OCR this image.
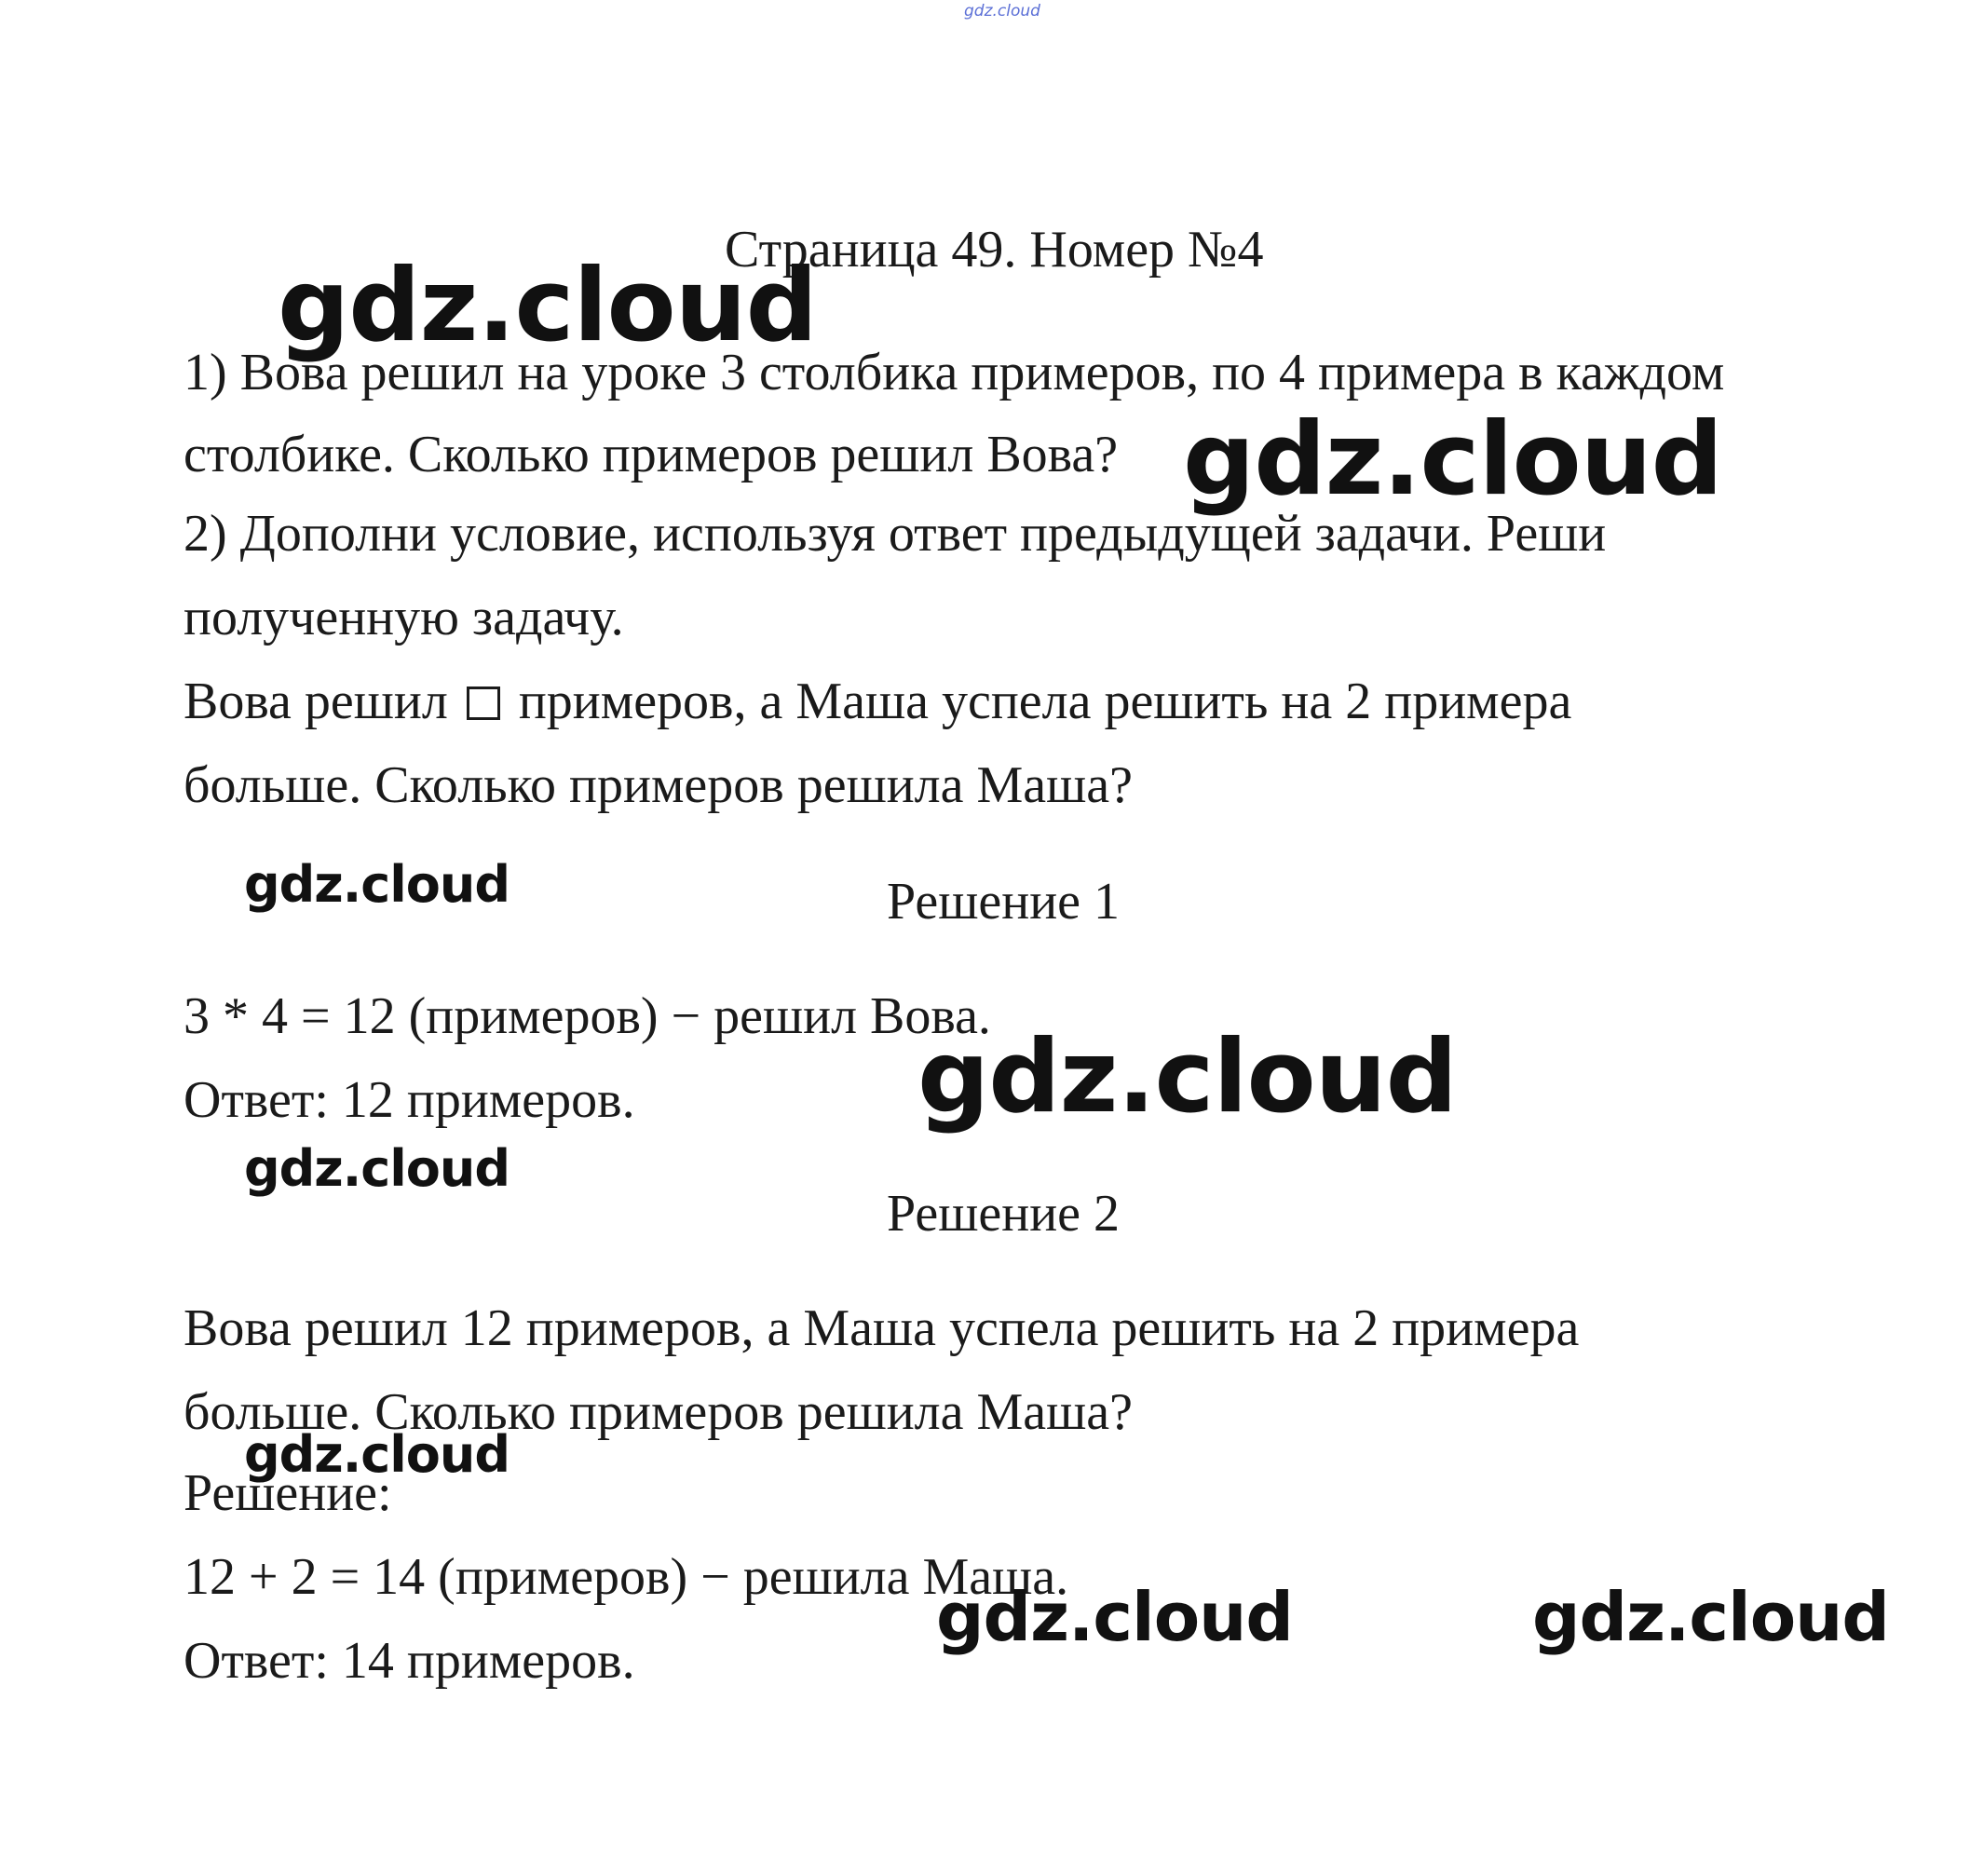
gdz.cloud
Страница 49. Номер №4
1) Вова решил на уроке 3 столбика примеров, по 4 примера в каждом
столбике. Сколько примеров решил Вова?
2) Дополни условие, используя ответ предыдущей задачи. Реши
полученную задачу.
Вова решил примеров, а Маша успела решить на 2 примера
больше. Сколько примеров решила Маша?
Решение 1
3 * 4 = 12 (примеров) − решил Вова.
Ответ: 12 примеров.
Решение 2
Вова решил 12 примеров, а Маша успела решить на 2 примера
больше. Сколько примеров решила Маша?
Решение:
12 + 2 = 14 (примеров) − решила Маша.
Ответ: 14 примеров.
gdz.cloud
gdz.cloud
gdz.cloud
gdz.cloud
gdz.cloud
gdz.cloud
gdz.cloud	gdz.cloud
